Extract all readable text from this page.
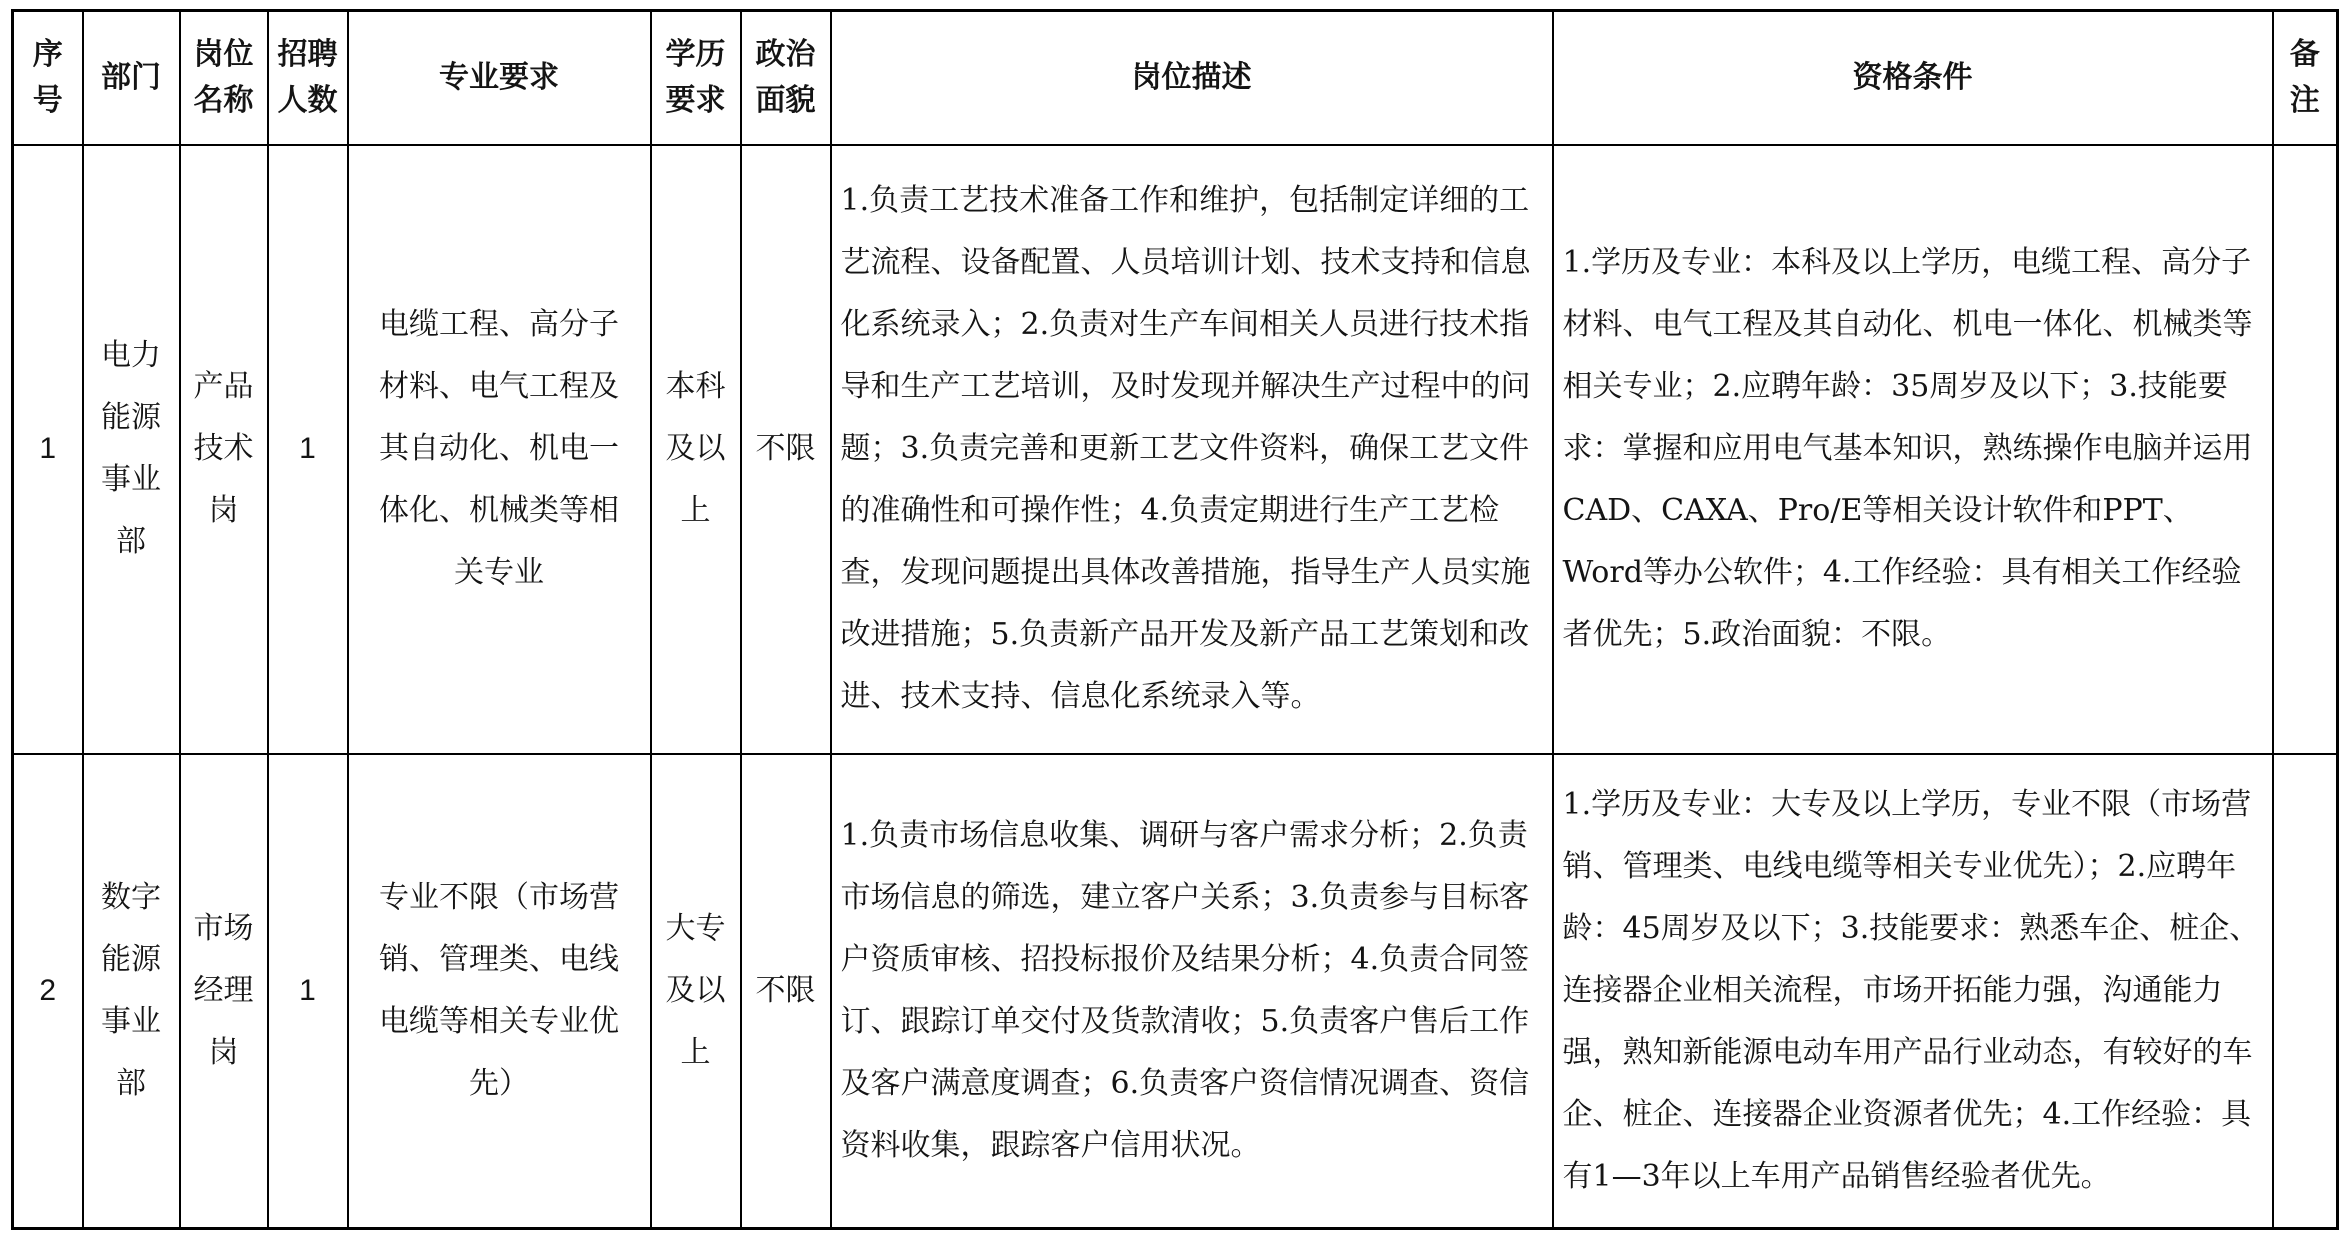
序号	部门	岗位名称	招聘人数	专业要求	学历要求	政治面貌	岗位描述	资格条件	备注
1	电力能源事业部	产品技术岗	1	电缆工程、高分子材料、电气工程及其自动化、机电一体化、机械类等相关专业	本科及以上	不限	1.负责工艺技术准备工作和维护，包括制定详细的工艺流程、设备配置、人员培训计划、技术支持和信息化系统录入；2.负责对生产车间相关人员进行技术指导和生产工艺培训，及时发现并解决生产过程中的问题；3.负责完善和更新工艺文件资料，确保工艺文件的准确性和可操作性；4.负责定期进行生产工艺检查，发现问题提出具体改善措施，指导生产人员实施改进措施；5.负责新产品开发及新产品工艺策划和改进、技术支持、信息化系统录入等。	1.学历及专业：本科及以上学历，电缆工程、高分子材料、电气工程及其自动化、机电一体化、机械类等相关专业；2.应聘年龄：35周岁及以下；3.技能要求：掌握和应用电气基本知识，熟练操作电脑并运用CAD、CAXA、Pro/E等相关设计软件和PPT、Word等办公软件；4.工作经验：具有相关工作经验者优先；5.政治面貌：不限。	
2	数字能源事业部	市场经理岗	1	专业不限（市场营销、管理类、电线电缆等相关专业优先）	大专及以上	不限	1.负责市场信息收集、调研与客户需求分析；2.负责市场信息的筛选，建立客户关系；3.负责参与目标客户资质审核、招投标报价及结果分析；4.负责合同签订、跟踪订单交付及货款清收；5.负责客户售后工作及客户满意度调查；6.负责客户资信情况调查、资信资料收集，跟踪客户信用状况。	1.学历及专业：大专及以上学历，专业不限（市场营销、管理类、电线电缆等相关专业优先）；2.应聘年龄：45周岁及以下；3.技能要求：熟悉车企、桩企、连接器企业相关流程，市场开拓能力强，沟通能力强，熟知新能源电动车用产品行业动态，有较好的车企、桩企、连接器企业资源者优先；4.工作经验：具有1—3年以上车用产品销售经验者优先。	
